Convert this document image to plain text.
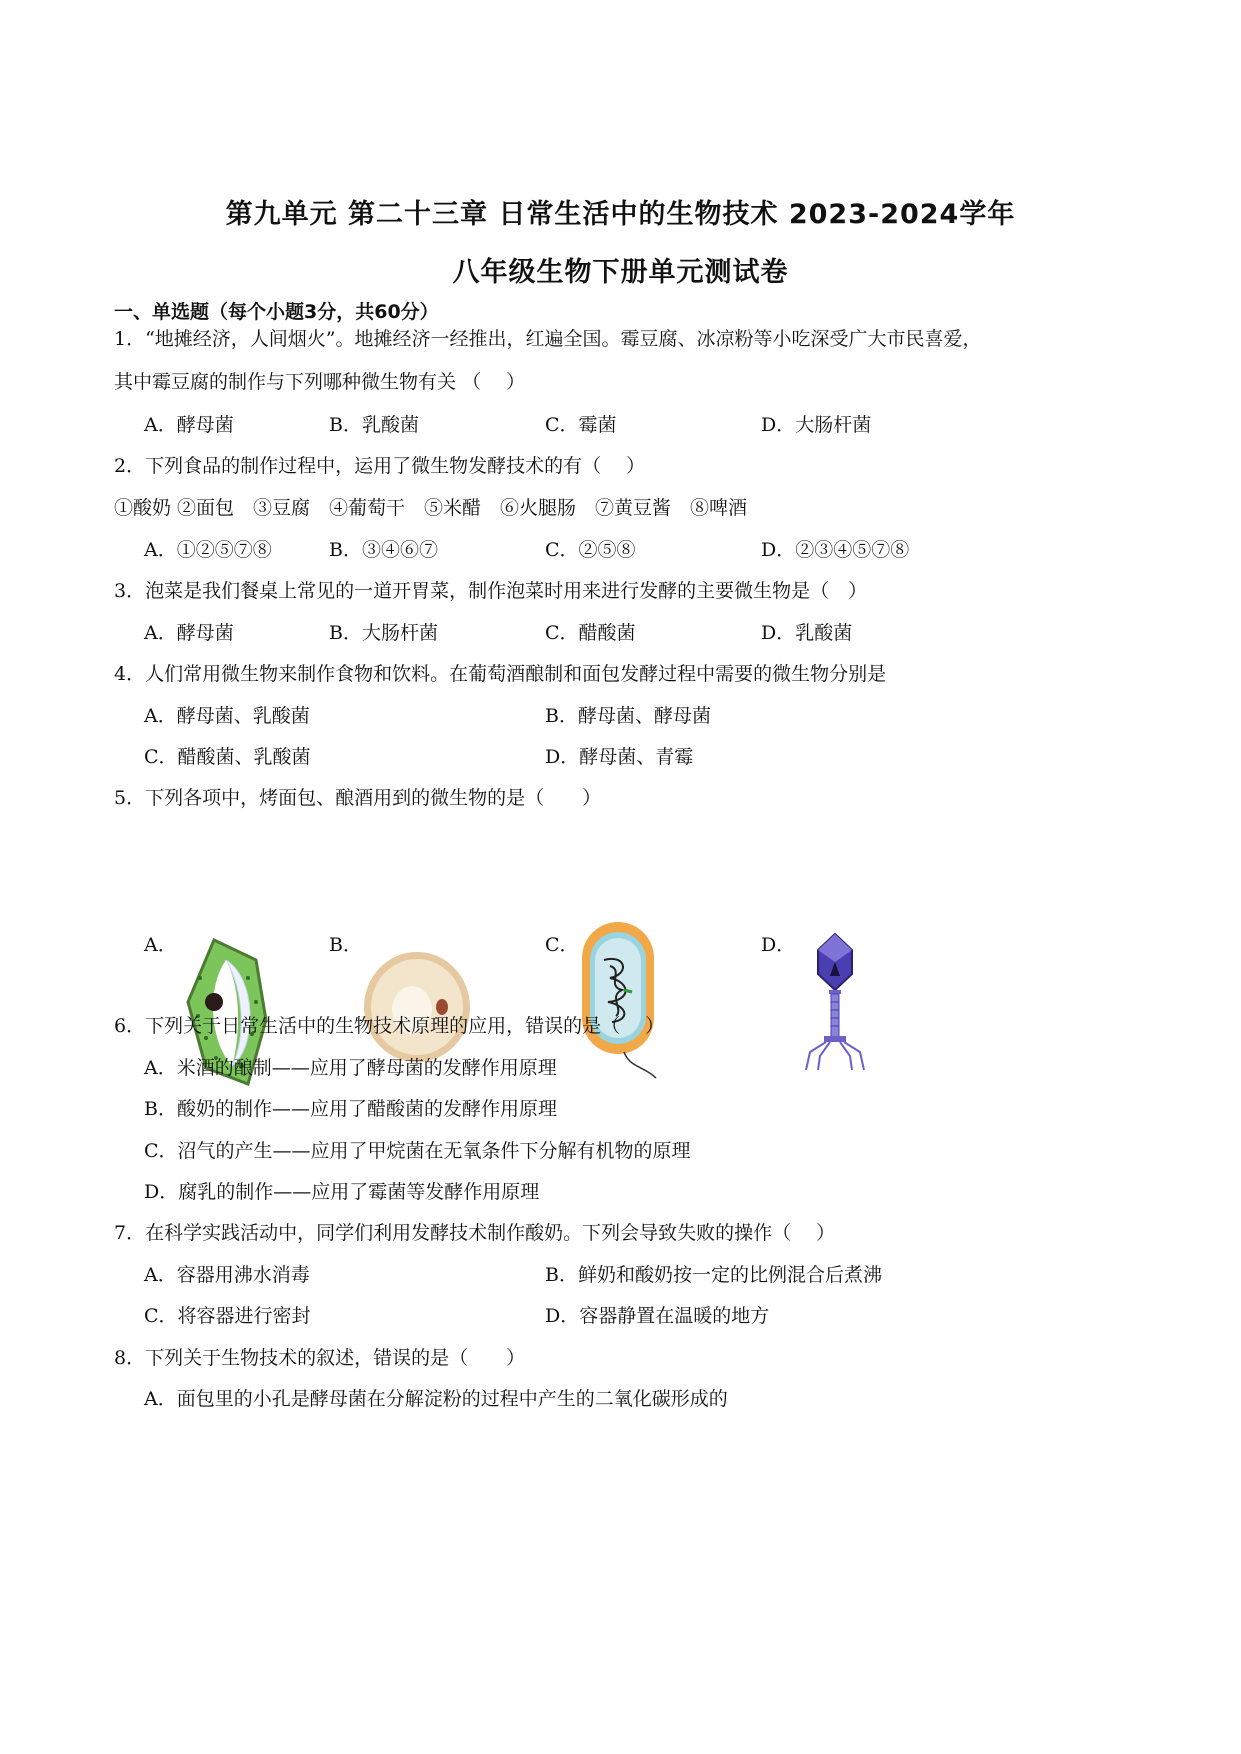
第九单元 第二十三章 日常生活中的生物技术 2023-2024学年
八年级生物下册单元测试卷
一、单选题（每个小题3分，共60分）
1．“地摊经济，人间烟火”。地摊经济一经推出，红遍全国。霉豆腐、冰凉粉等小吃深受广大市民喜爱，
其中霉豆腐的制作与下列哪种微生物有关 （　 ）
A．酵母菌	B．乳酸菌	C．霉菌	D．大肠杆菌
2．下列食品的制作过程中，运用了微生物发酵技术的有（　 ）
①酸奶 ②面包　③豆腐　④葡萄干　⑤米醋　⑥火腿肠　⑦黄豆酱　⑧啤酒
A．①②⑤⑦⑧	B．③④⑥⑦	C．②⑤⑧	D．②③④⑤⑦⑧
3．泡菜是我们餐桌上常见的一道开胃菜，制作泡菜时用来进行发酵的主要微生物是（　）
A．酵母菌	B．大肠杆菌	C．醋酸菌	D．乳酸菌
4．人们常用微生物来制作食物和饮料。在葡萄酒酿制和面包发酵过程中需要的微生物分别是
A．酵母菌、乳酸菌	B．酵母菌、酵母菌
C．醋酸菌、乳酸菌	D．酵母菌、青霉
5．下列各项中，烤面包、酿酒用到的微生物的是（　　）
A．	B．	C．	D．
6．下列关于日常生活中的生物技术原理的应用，错误的是（　 ）
A．米酒的酿制——应用了酵母菌的发酵作用原理
B．酸奶的制作——应用了醋酸菌的发酵作用原理
C．沼气的产生——应用了甲烷菌在无氧条件下分解有机物的原理
D．腐乳的制作——应用了霉菌等发酵作用原理
7．在科学实践活动中，同学们利用发酵技术制作酸奶。下列会导致失败的操作（　 ）
A．容器用沸水消毒	B．鲜奶和酸奶按一定的比例混合后煮沸
C．将容器进行密封	D．容器静置在温暖的地方
8．下列关于生物技术的叙述，错误的是（　　）
A．面包里的小孔是酵母菌在分解淀粉的过程中产生的二氧化碳形成的
